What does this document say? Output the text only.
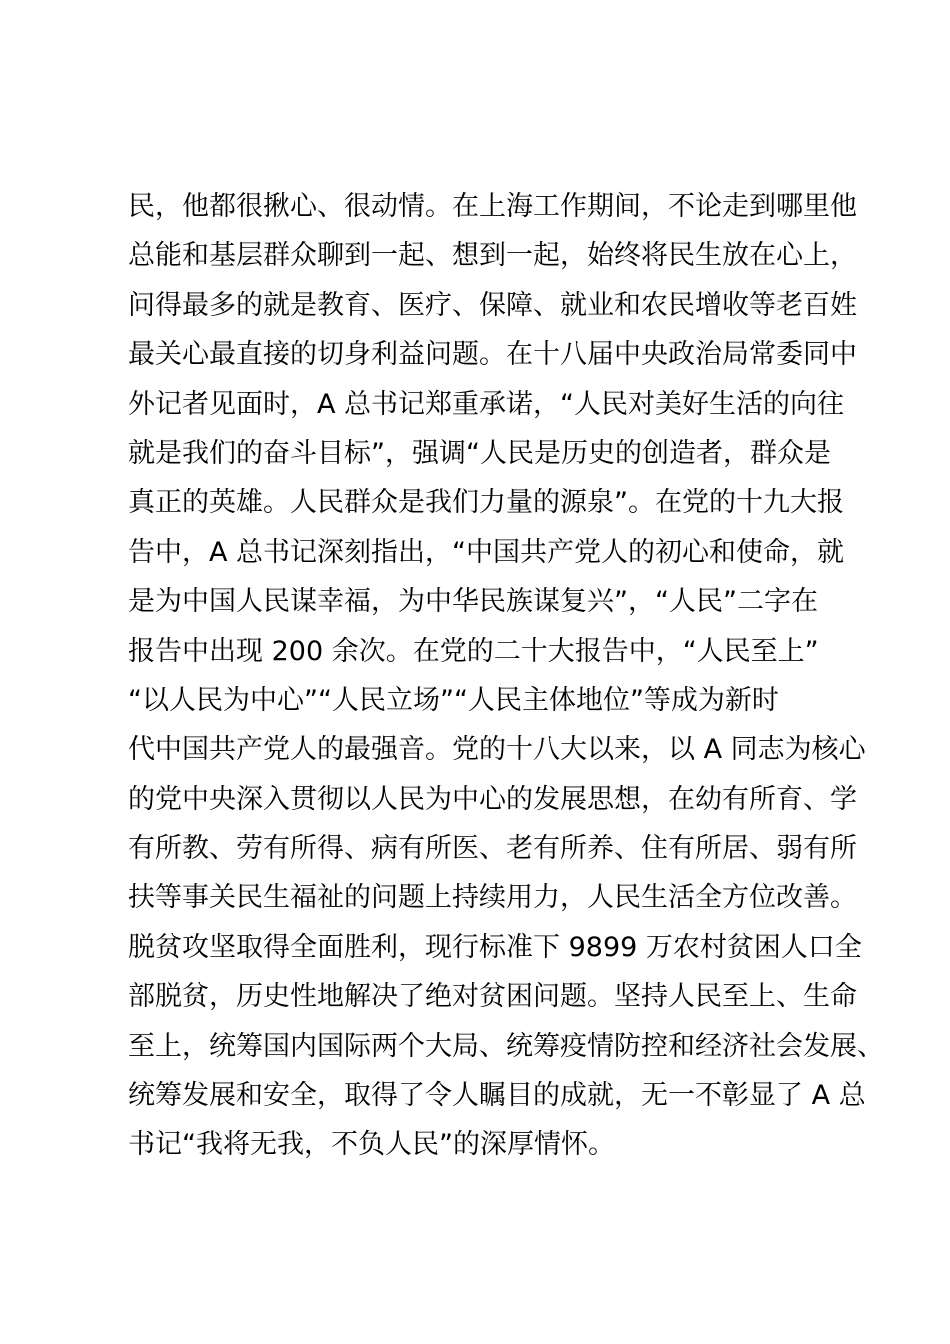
民，他都很揪心、很动情。在上海工作期间，不论走到哪里他
总能和基层群众聊到一起、想到一起，始终将民生放在心上，
问得最多的就是教育、医疗、保障、就业和农民增收等老百姓
最关心最直接的切身利益问题。在十八届中央政治局常委同中
外记者见面时，A 总书记郑重承诺，“人民对美好生活的向往
就是我们的奋斗目标”，强调“人民是历史的创造者，群众是
真正的英雄。人民群众是我们力量的源泉”。在党的十九大报
告中，A 总书记深刻指出，“中国共产党人的初心和使命，就
是为中国人民谋幸福，为中华民族谋复兴”，“人民”二字在
报告中出现 200 余次。在党的二十大报告中，“人民至上”
“以人民为中心”“人民立场”“人民主体地位”等成为新时
代中国共产党人的最强音。党的十八大以来，以 A 同志为核心
的党中央深入贯彻以人民为中心的发展思想，在幼有所育、学
有所教、劳有所得、病有所医、老有所养、住有所居、弱有所
扶等事关民生福祉的问题上持续用力，人民生活全方位改善。
脱贫攻坚取得全面胜利，现行标准下 9899 万农村贫困人口全
部脱贫，历史性地解决了绝对贫困问题。坚持人民至上、生命
至上，统筹国内国际两个大局、统筹疫情防控和经济社会发展、
统筹发展和安全，取得了令人瞩目的成就，无一不彰显了 A 总
书记“我将无我，不负人民”的深厚情怀。
